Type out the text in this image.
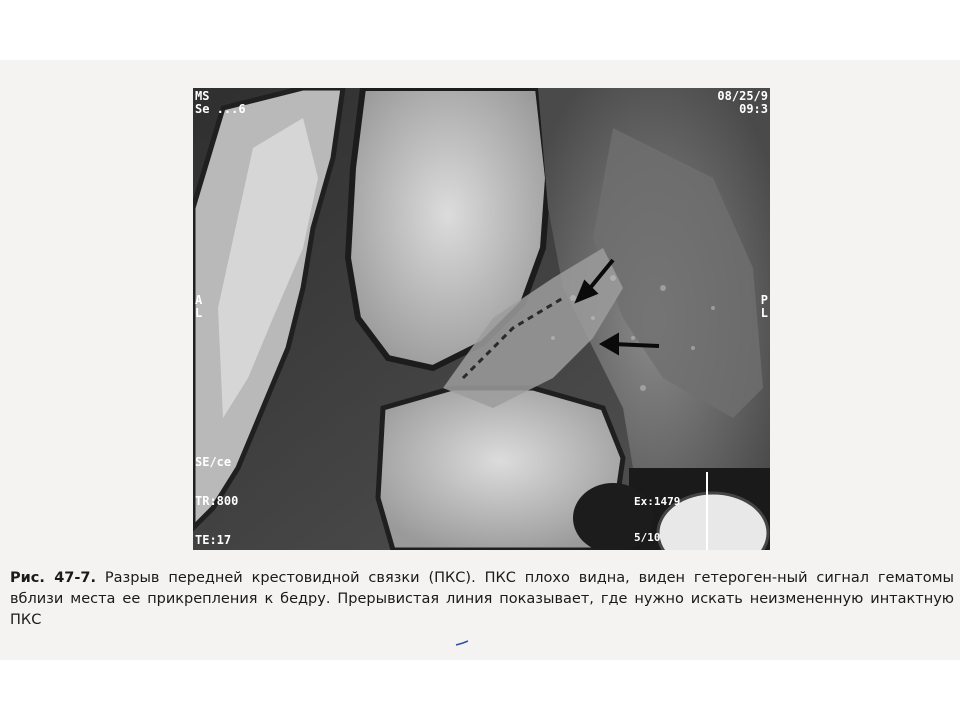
MS
Se ...6
08/25/9
09:3
A
L
P
L

SE/ce

TR:800

TE:17

Ex:1479

5/10

Рис. 47-7. Разрыв передней крестовидной связки (ПКС). ПКС плохо видна, виден гетероген-ный сигнал гематомы вблизи места ее прикрепления к бедру. Прерывистая линия показывает, где нужно искать неизмененную интактную ПКС
